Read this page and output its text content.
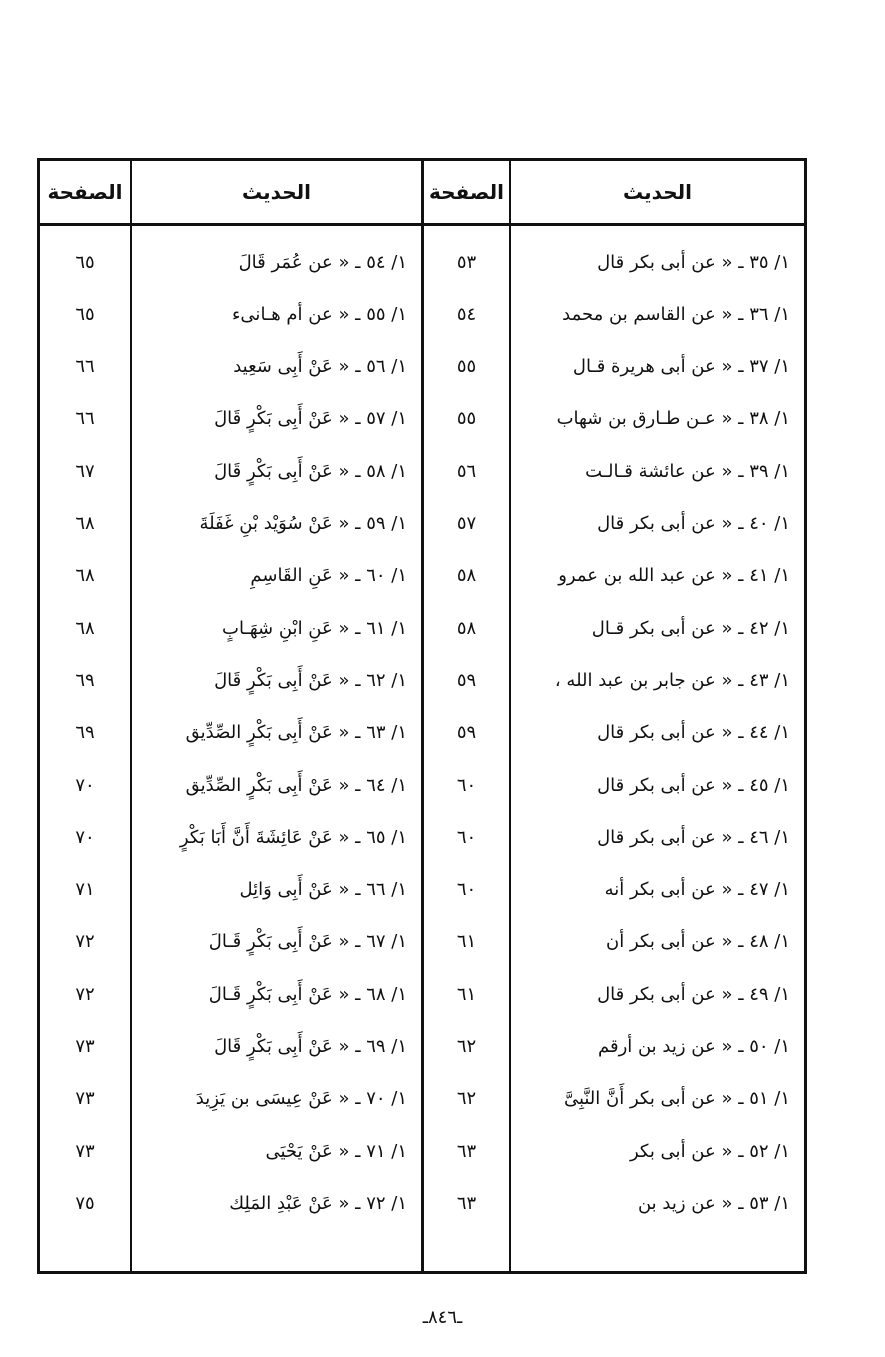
الصفحة	الحديث	الصفحة	الحديث
٦٥	١/ ٥٤ ـ « عن عُمَر قَالَ	٥٣	١/ ٣٥ ـ « عن أبى بكر قال
٦٥	١/ ٥٥ ـ « عن أم هـانىء	٥٤	١/ ٣٦ ـ « عن القاسم بن محمد
٦٦	١/ ٥٦ ـ « عَنْ أَبِى سَعِيد	٥٥	١/ ٣٧ ـ « عن أبى هريرة قـال
٦٦	١/ ٥٧ ـ « عَنْ أَبِى بَكْرٍ قَالَ	٥٥	١/ ٣٨ ـ « عـن طـارق بن شهاب
٦٧	١/ ٥٨ ـ « عَنْ أَبِى بَكْرٍ قَالَ	٥٦	١/ ٣٩ ـ « عن عائشة قـالـت
٦٨	١/ ٥٩ ـ « عَنْ سُوَيْد بْنِ غَفَلَةَ	٥٧	١/ ٤٠ ـ « عن أبى بكر قال
٦٨	١/ ٦٠ ـ « عَنِ القَاسِمِ	٥٨	١/ ٤١ ـ « عن عبد الله بن عمرو
٦٨	١/ ٦١ ـ « عَنِ ابْنِ شِهَـابٍ	٥٨	١/ ٤٢ ـ « عن أبى بكر قـال
٦٩	١/ ٦٢ ـ « عَنْ أَبِى بَكْرٍ قَالَ	٥٩	١/ ٤٣ ـ « عن جابر بن عبد الله ،
٦٩	١/ ٦٣ ـ « عَنْ أَبِى بَكْرٍ الصِّدِّيق	٥٩	١/ ٤٤ ـ « عن أبى بكر قال
٧٠	١/ ٦٤ ـ « عَنْ أَبِى بَكْرٍ الصِّدِّيق	٦٠	١/ ٤٥ ـ « عن أبى بكر قال
٧٠	١/ ٦٥ ـ « عَنْ عَائِشَةَ أَنَّ أَبَا بَكْرٍ	٦٠	١/ ٤٦ ـ « عن أبى بكر قال
٧١	١/ ٦٦ ـ « عَنْ أَبِى وَائِل	٦٠	١/ ٤٧ ـ « عن أبى بكر أنه
٧٢	١/ ٦٧ ـ « عَنْ أَبِى بَكْرٍ قَـالَ	٦١	١/ ٤٨ ـ « عن أبى بكر أن
٧٢	١/ ٦٨ ـ « عَنْ أَبِى بَكْرٍ قَـالَ	٦١	١/ ٤٩ ـ « عن أبى بكر قال
٧٣	١/ ٦٩ ـ « عَنْ أَبِى بَكْرٍ قَالَ	٦٢	١/ ٥٠ ـ « عن زيد بن أرقم
٧٣	١/ ٧٠ ـ « عَنْ عِيسَى بن يَزِيدَ	٦٢	١/ ٥١ ـ « عن أبى بكر أَنَّ النَّبِىَّ
٧٣	١/ ٧١ ـ « عَنْ يَحْيَى	٦٣	١/ ٥٢ ـ « عن أبى بكر
٧٥	١/ ٧٢ ـ « عَنْ عَبْدِ المَلِك	٦٣	١/ ٥٣ ـ « عن زيد بن
ـ٨٤٦ـ
